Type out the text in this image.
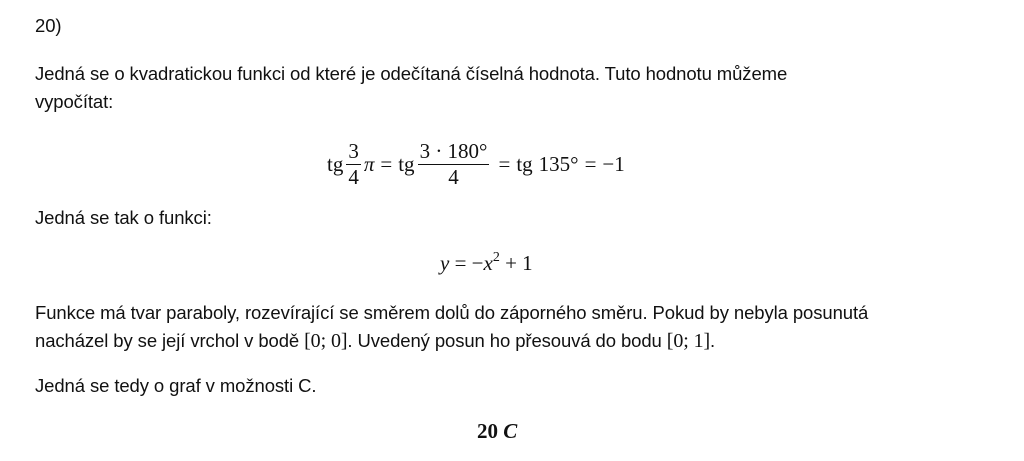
20)
Jedná se o kvadratickou funkci od které je odečítaná číselná hodnota. Tuto hodnotu můžeme
vypočítat:
tg $\frac{3}{4}$ π = tg $\frac{3 \cdot 180^\circ}{4}$ = tg 135° = −1
Jedná se tak o funkci:
$y = -x^2 + 1$
Funkce má tvar paraboly, rozevírající se směrem dolů do záporného směru. Pokud by nebyla posunutá
nacházel by se její vrchol v bodě [0; 0]. Uvedený posun ho přesouvá do bodu [0; 1].
Jedná se tedy o graf v možnosti C.
20 C
